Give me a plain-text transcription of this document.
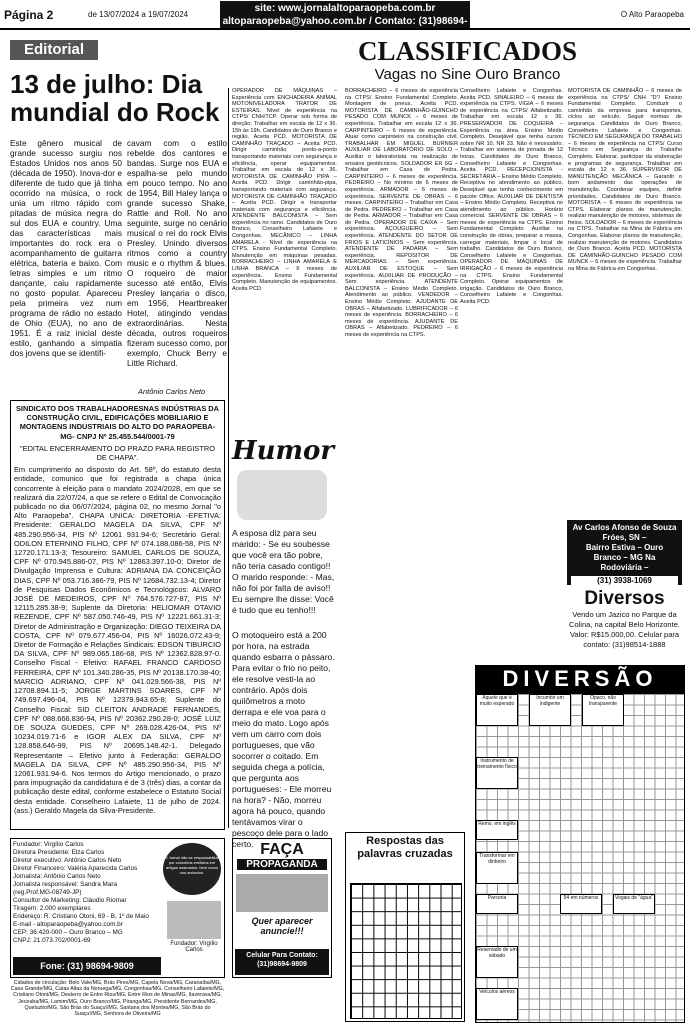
Página 2	de 13/07/2024 a 19/07/2024
site: www.jornalaltoparaopeba.com.br
altoparaopeba@yahoo.com.br / Contato: (31)98694-9809
O Alto Paraopeba
Editorial
13 de julho: Dia mundial do Rock
Este gênero musical de grande sucesso surgiu nos Estados Unidos nos anos 50 (década de 1950). Inova-dor e diferente de tudo que já tinha ocorrido na música, o rock unia um ritmo rápido com pitadas de música negra do sul dos EUA e country. Uma das características mais importantes do rock era o acompanhamento de guitarra elétrica, bateria e baixo. Com letras simples e um ritmo dançante, caiu rapidamente no gosto popular. Apareceu pela primeira vez num programa de rádio no estado de Ohio (EUA), no ano de 1951. É a raiz inicial deste estilo, ganhando a simpatia dos jovens que se identifi-
cavam com o estilo rebelde dos cantores e bandas. Surge nos EUA e espalha-se pelo mundo em pouco tempo. No ano de 1954, Bill Haley lança o grande sucesso Shake, Rattle and Roll. No ano seguinte, surge no cenário musical o rei do rock Elvis Presley. Unindo diversos ritmos como a country music e o rhythm & blues. O roqueiro de maior sucesso até então, Elvis Presley lançaria o disco, em 1956, Heartbreaker Hotel, atingindo vendas extraordinárias. Nesta década, outros roqueiros fizeram sucesso como, por exemplo, Chuck Berry e Little Richard.
Antônio Carlos Neto
SINDICATO DOS TRABALHADORESNAS INDÚSTRIAS DA CONSTRUÇÃO CIVIL, EDIFICAÇÕES MOBILIARIO E MONTAGENS INDUSTRIAIS DO ALTO DO PARAOPEBA-MG- CNPJ Nº 25.455.544/0001-79

"EDITAL ENCERRAMENTO DO PRAZO PARA REGISTRO DE CHAPA".

Em cumprimento ao disposto do Art. 58º, do estatuto desta entidade, comunico que foi registrada a chapa única concorrente à eleição para o mandato 2024/2028, em que se realizará dia 22/07/24, a que se refere o Edital de Convocação publicado no dia 06/07/2024, página 02, no mesmo Jornal "o Alto Paraopeba". CHAPA UNICA: DIRETORIA -EFETIVA: Presidente: GERALDO MAGELA DA SILVA, CPF Nº 485.290.956-34, PIS Nº 12061 931.94-6; Secretário Geral: ODILON ETERNINO FILHO, CPF Nº 074.188.086-58, PIS Nº 12720.171.13-3; Tesoureiro: SAMUEL CARLOS DE SOUZA, CPF Nº 070.945.886-07, PIS Nº 12863.397.10-0; Diretor de Divulgação Imprensa e Cultura: ADRIANA DA CONCEIÇÃO DIAS, CPF Nº 053.716.386-79, PIS Nº 12684.732.13-4; Diretor de Pesquisas Dados Econômicos e Tecnológicos: ALVARO JOSÉ DE MEDEIROS, CPF Nº 764.576.727-87, PIS Nº 12115.285.38-9; Suplente da Diretoria: HELIOMAR OTAVIO REZENDE, CPF Nº 587.050.746-49, PIS Nº 12221.661.31-3; Diretor de Administração e Organização: DIEGO TEIXEIRA DA COSTA, CPF Nº 079.677.456-04, PIS Nº 16026.072.43-9; Diretor de Formação e Relações Sindicais: EDSON TIBURCIO DA SILVA, CPF Nº 989.065.186-68, PIS Nº 12362.828.97-0. Conselho Fiscal - Efetivo: RAFAEL FRANCO CARDOSO FERREIRA, CPF Nº 101.340.286-35, PIS Nº 20138.170.38-40; MARCIO ADRIANO, CPF Nº 041.029.566-38, PIS Nº 12708.894.11-5; JORGE MARTINS SOARES, CPF Nº 749.697.496-04, PIS Nº 12379.943.65-8; Suplente do Conselho Fiscal: SID CLEITON ANDRADE FERNANDES, CPF Nº 088.666.836-94, PIS Nº 20362.290.28-0; JOSÉ LUIZ DE SOUZA GUEDES, CPF Nº 269.028.426-04, PIS Nº 10234.019.71-6 e IGOR ALEX DA SILVA, CPF Nº 128.858.646-99, PIS Nº 20695.148.42-1. Delegado Representante – Efetivo junto à Federação: GERALDO MAGELA DA SILVA, CPF Nº 485.290.956-34, PIS Nº 12061.931.94-6. Nos termos do Artigo mencionado, o prazo para impugnação da candidatura é de 3 (três) dias, a contar da publicação deste edital, conforme estabelece o Estatuto Social desta entidade. Conselheiro Lafaiete, 11 de julho de 2024. (ass.) Geraldo Magela da Silva-Presidente.

Fundador: Virgílio Carlos
Diretora Presidente: Elza Carlos
Diretor executivo: Antônio Carlos Neto
Diretor Financeiro: Valéria Aparecida Carlos
Jornalista: Antônio Carlos Neto
Jornalista responsável: Sandra Mara
(reg.Prof.MG-08749-JP)
Consultor de Marketing: Cláudio Riomar
Tiragem: 2.000 exemplares
Endereço: R. Cristiano Otoni, 69 - B, 1º de Maio
E-mail - altoparaopeba@yahoo.com.br
CEP: 36.420-000 – Ouro Branco – MG
CNPJ: 21.073.702/0001-69
O Jornal não se responsabiliza por conceitos emitidos em artigos assinados, bem como nos anúncios.
Fundador: Virgílio Carlos
Fone: (31) 98694-9809
Cidades de circulação: Belo Vale/MG, Brás Pires/MG, Capela Nova/MG, Caranaíba/MG, Casa Grande/MG, Catas Altas da Noruega/MG, Congonhas/MG, Conselheiro Lafaiete/MG, Cristiano Otoni/MG, Desterro de Entre Rios/MG, Entre Rios de Minas/MG, Itaverava/MG, Jeceaba/MG, Lamim/MG, Ouro Branco/MG, Piranga/MG, Presidente Bernardes/MG, Queluzito/MG, São Brás do Suaçuí/MG, Santana dos Montes/MG, São Brás do Suaçuí/MG, Senhora de Oliveira/MG
CLASSIFICADOS
Vagas no Sine Ouro Branco
OPERADOR DE MÁQUINAS – Experiência com ENCHADEIRA ANIMAL MOTONIVELADORA TRATOR DE ESTEIRAS. Nível de experiência na CTPS/ CNH/TCP. Operar sob forma de direção. Trabalhar em escala de 12 x 36. 15h às 19h. Candidatos de Ouro Branco e região. Aceita PCD. MOTORISTA DE CAMINHÃO TRAÇADO – Aceita PCD. Dirigir caminhão ponto-a-ponto transportando materiais com segurança e eficiência, operar equipamentos. Trabalhar em escala de 12 x 36. MOTORISTA DE CAMINHÃO PIPA – Aceita PCD. Dirigir caminhão-pipa, transportando materiais com segurança. MOTORISTA DE CAMINHÃO TRAÇADO – Aceita PCD. Dirigir e transportar materiais com segurança e eficiência. ATENDENTE BALCONISTA – Sem experiência no ramo. Candidatos de Ouro Branco, Conselheiro Lafaiete e Congonhas. MECÂNICO – LINHA AMARELA - Nível de experiência na CTPS. Ensino Fundamental Completo. Manutenção em máquinas pesadas. BORRACHEIRO – LINHA AMARELA E LINHA BRANCA – 6 meses de experiência. Ensino Fundamental Completo. Manutenção de equipamentos. Aceita PCD.
BORRACHEIRO – 6 meses de experiência na CTPS/ Ensino Fundamental Completo. Montagem de pneus. Aceita PCD. MOTORISTA DE CAMINHÃO-GUINCHO PESADO COM MUNCK – 6 meses de experiência. Trabalhar em escala 12 x 36. CARPINTEIRO – 6 meses de experiência. Atuar como carpinteiro na construção civil. TRABALHAR EM MIGUEL BURNIER AUXILIAR DE LABORATÓRIO DE SOLO – Auxiliar o laboratorista na realização de ensaios geotécnicos. SOLDADOR ER 6G – Trabalhar em Casa de Pedra. CARPINTEIRO – 6 meses de experiência. PEDREIRO – No mínimo de 6 meses de experiência. ARMADOR – 6 meses de experiência. SERVENTE DE OBRAS – 6 meses. CARPINTEIRO – Trabalhar em Casa de Pedra. PEDREIRO – Trabalhar em Casa de Pedra. ARMADOR – Trabalhar em Casa de Pedra. OPERADOR DE CAIXA – Sem experiência. AÇOUGUEIRO – Sem experiência. ATENDENTE DO SETOR DE FRIOS E LATICÍNIOS – Sem experiência. ATENDENTE DE PADARIA – Sem experiência. REPOSITOR DE MERCADORIAS – Sem experiência. AUXILIAR DE ESTOQUE – Sem experiência. AUXILIAR DE PRODUÇÃO – Sem experiência. ATENDENTE BALCONISTA – Ensino Médio Completo. Atendimento ao público. VENDEDOR – Ensino Médio Completo. AJUDANTE DE OBRAS – Alfabetizado. LUBRIFICADOR – 6 meses de experiência. BORRACHEIRO – 6 meses de experiência. AJUDANTE DE OBRAS – Alfabetizado. PEDREIRO – 6 meses de experiência na CTPS.
Conselheiro Lafaiete e Congonhas. Aceita PCD. SINALEIRO – 6 meses de experiência na CTPS. VIGIA – 6 meses de experiência na CTPS/ Alfabetizado. Trabalhar em escala 12 x 36. PRESERVADOR DE COQUEIRA – Experiência na área. Ensino Médio Completo. Desejável que tenha cursos sobre NR 10, NR 33. Não é necessário. Trabalhar em sistema de jornada de 12 horas. Candidatos de Ouro Branco, Conselheiro Lafaiete e Congonhas. Aceita PCD. RECEPCIONISTA - SECRETÁRIA – Ensino Médio Completo. Receptiva no atendimento ao público. Desejável que tenha conhecimento em pacote Office. AUXILIAR DE DENTISTA – Ensino Médio Completo. Receptiva no atendimento ao público. Horário comercial. SERVENTE DE OBRAS – 6 meses de experiência na CTPS. Ensino Fundamental Completo. Auxiliar na construção de obras, preparar a massa, carregar materiais, limpar o local de trabalho. Candidatos de Ouro Branco, Conselheiro Lafaiete e Congonhas. OPERADOR DE MÁQUINAS DE IRRIGAÇÃO – 6 meses de experiência na CTPS. Ensino Fundamental Completo. Operar equipamentos de irrigação. Candidatos de Ouro Branco, Conselheiro Lafaiete e Congonhas. Aceita PCD.
MOTORISTA DE CAMINHÃO – 6 meses de experiência na CTPS/ CNH "D"/ Ensino Fundamental Completo. Conduzir o caminhão da empresa para transportes, ciclos ao veículo. Seguir normas de segurança. Candidatos de Ouro Branco, Conselheiro Lafaiete e Congonhas. TÉCNICO EM SEGURANÇA DO TRABALHO – 6 meses de experiência na CTPS/ Curso Técnico em Segurança do Trabalho Completo. Elaborar, participar da elaboração e programas de segurança. Trabalhar em escala de 12 x 36. SUPERVISOR DE MANUTENÇÃO MECÂNICA – Garantir o bom andamento das operações de manutenção. Coordenar equipes, definir prioridades. Candidatos de Ouro Branco. MOTORISTA – 6 meses de experiência na CTPS. Elaborar planos de manutenção, realizar manutenção de motores, sistemas de freios. SOLDADOR – 6 meses de experiência na CTPS. Trabalhar na Mina de Fábrica em Congonhas. Elaborar planos de manutenção, realizar manutenção de motores. Candidatos de Ouro Branco. Aceita PCD. MOTORISTA DE CAMINHÃO-GUINCHO PESADO COM MUNCK – 6 meses de experiência. Trabalhar na Mina de Fábrica em Congonhas.
Av Carlos Afonso de Souza Fróes, SN –
Bairro Estiva – Ouro
Branco – MG Na
Rodoviária –
(31) 3938-1069
Diversos
Vendo um Jazico no Parque da Colina, na capital Belo Horizonte. Valor: R$15.000,00. Celular para contato: (31)98514-1888
Humor
A esposa diz para seu marido: - Se eu soubesse que você era tão pobre, não teria casado contigo!! O marido responde: - Mas, não foi por falta de aviso!! Eu sempre lhe disse: Você é tudo que eu tenho!!!
O motoqueiro está a 200 por hora, na estrada quando esbarra o pássaro. Para evitar o frio no peito, ele resolve vesti-la ao contrário. Após dois quilômetros a moto derrapa e ele voa para o meio do mato. Logo após vem um carro com dois portugueses, que vão socorrer o coitado. Em seguida chega a polícia, que pergunta aos portugueses: - Ele morreu na hora? - Não, morreu agora há pouco, quando tentávamos virar o pescoço dele para o lado certo. FAÇA
PROPAGANDA
Quer aparecer anuncie!!!
Celular Para Contato: (31)98694-9809
Respostas das palavras cruzadas
DIVERSÃO
Aquele que é muito esperado
Incumbir um indigente
Opaco, não transparente
Instrumento de treinamento físico
Remo, em inglês
Transformar em dinheiro
Parceria	54 em números	Vogais de "água"
Reservado de um sábado
Veículos aéreos
